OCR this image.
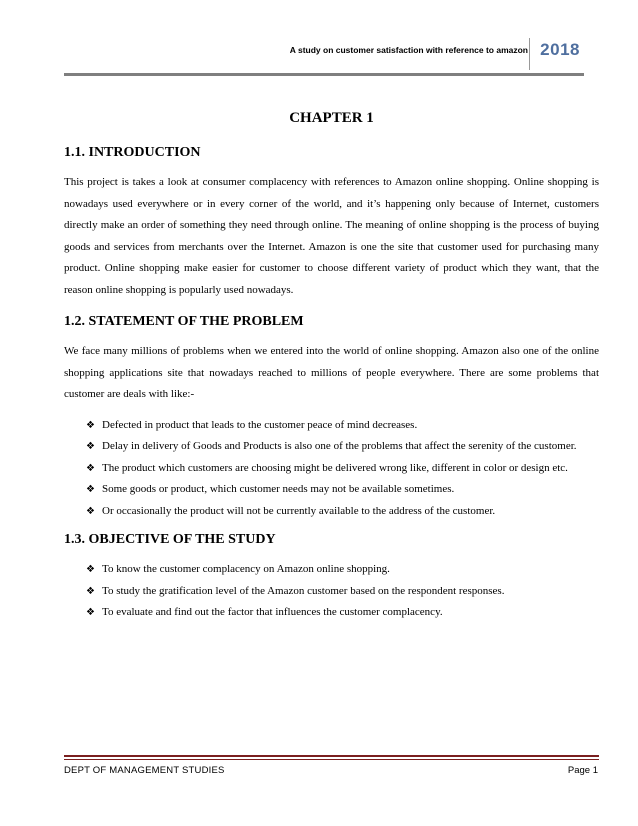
A study on customer satisfaction with reference to amazon 2018
CHAPTER 1
1.1. INTRODUCTION

This project is takes a look at consumer complacency with references to Amazon online shopping. Online shopping is nowadays used everywhere or in every corner of the world, and it’s happening only because of Internet, customers directly make an order of something they need through online. The meaning of online shopping is the process of buying goods and services from merchants over the Internet. Amazon is one the site that customer used for purchasing many product. Online shopping make easier for customer to choose different variety of product which they want, that the reason online shopping is popularly used nowadays.

1.2. STATEMENT OF THE PROBLEM

We face many millions of problems when we entered into the world of online shopping. Amazon also one of the online shopping applications site that nowadays reached to millions of people everywhere. There are some problems that customer are deals with like:-

❖ Defected in product that leads to the customer peace of mind decreases.
❖ Delay in delivery of Goods and Products is also one of the problems that affect the serenity of the customer.
❖ The product which customers are choosing might be delivered wrong like, different in color or design etc.
❖ Some goods or product, which customer needs may not be available sometimes.
❖ Or occasionally the product will not be currently available to the address of the customer.
1.3. OBJECTIVE OF THE STUDY
❖ To know the customer complacency on Amazon online shopping.
❖ To study the gratification level of the Amazon customer based on the respondent responses.
❖ To evaluate and find out the factor that influences the customer complacency.
DEPT OF MANAGEMENT STUDIES	Page 1
